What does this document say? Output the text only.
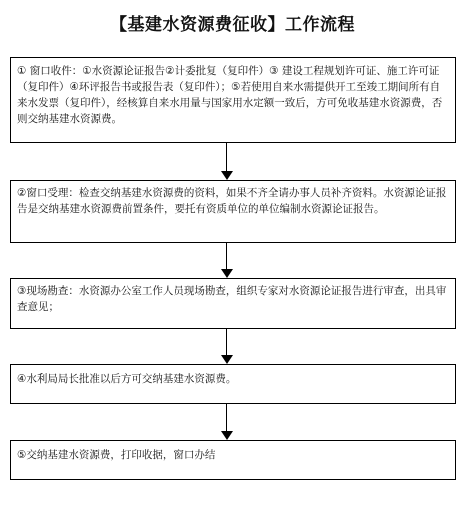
【基建水资源费征收】工作流程
① 窗口收件：①水资源论证报告②计委批复（复印件）③ 建设工程规划许可证、施工许可证（复印件）④环评报告书或报告表（复印件）；⑤若使用自来水需提供开工至竣工期间所有自来水发票（复印件），经核算自来水用量与国家用水定额一致后，方可免收基建水资源费，否则交纳基建水资源费。
②窗口受理：检查交纳基建水资源费的资料，如果不齐全请办事人员补齐资料。水资源论证报告是交纳基建水资源费前置条件，要托有资质单位的单位编制水资源论证报告。
③现场勘查：水资源办公室工作人员现场勘查，组织专家对水资源论证报告进行审查，出具审查意见；
④水利局局长批准以后方可交纳基建水资源费。
⑤交纳基建水资源费，打印收据，窗口办结
